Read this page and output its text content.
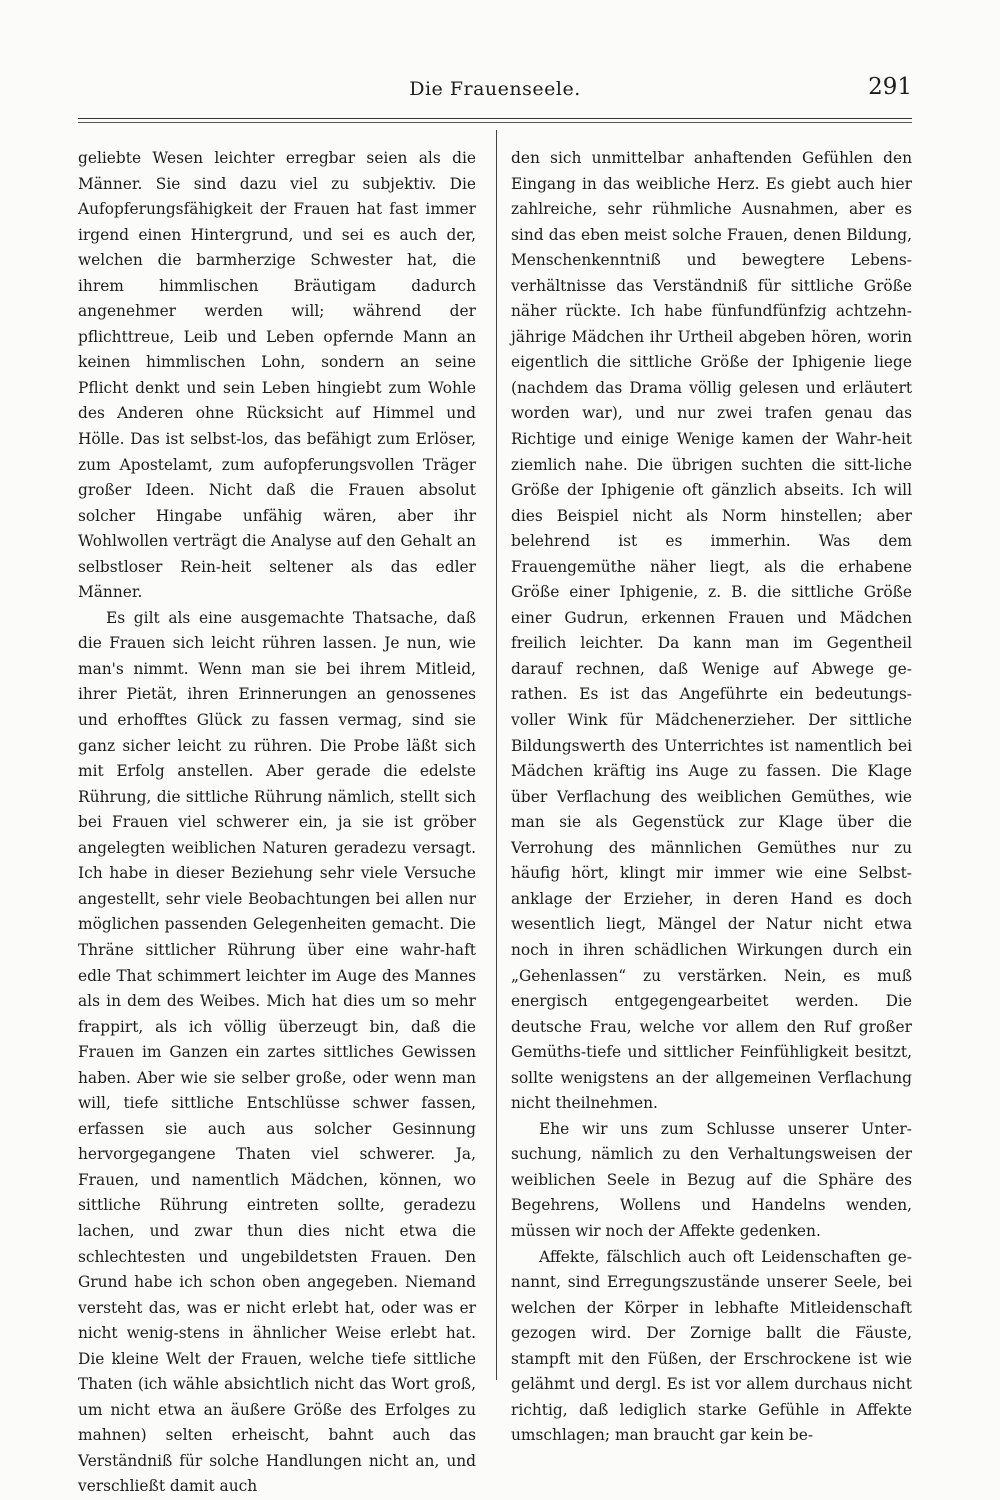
Die Frauenseele.	291

geliebte Wesen leichter erregbar seien als die Männer. Sie sind dazu viel zu subjektiv. Die Aufopferungsfähigkeit der Frauen hat fast immer irgend einen Hintergrund, und sei es auch der, welchen die barmherzige Schwester hat, die ihrem himmlischen Bräutigam dadurch angenehmer werden will; während der pflichttreue, Leib und Leben opfernde Mann an keinen himmlischen Lohn, sondern an seine Pflicht denkt und sein Leben hingiebt zum Wohle des Anderen ohne Rücksicht auf Himmel und Hölle. Das ist selbst-los, das befähigt zum Erlöser, zum Apostelamt, zum aufopferungsvollen Träger großer Ideen. Nicht daß die Frauen absolut solcher Hingabe unfähig wären, aber ihr Wohlwollen verträgt die Analyse auf den Gehalt an selbstloser Rein-heit seltener als das edler Männer.

Es gilt als eine ausgemachte Thatsache, daß die Frauen sich leicht rühren lassen. Je nun, wie man's nimmt. Wenn man sie bei ihrem Mitleid, ihrer Pietät, ihren Erinnerungen an genossenes und erhofftes Glück zu fassen vermag, sind sie ganz sicher leicht zu rühren. Die Probe läßt sich mit Erfolg anstellen. Aber gerade die edelste Rührung, die sittliche Rührung nämlich, stellt sich bei Frauen viel schwerer ein, ja sie ist gröber angelegten weiblichen Naturen geradezu versagt. Ich habe in dieser Beziehung sehr viele Versuche angestellt, sehr viele Beobachtungen bei allen nur möglichen passenden Gelegenheiten gemacht. Die Thräne sittlicher Rührung über eine wahr-haft edle That schimmert leichter im Auge des Mannes als in dem des Weibes. Mich hat dies um so mehr frappirt, als ich völlig überzeugt bin, daß die Frauen im Ganzen ein zartes sittliches Gewissen haben. Aber wie sie selber große, oder wenn man will, tiefe sittliche Entschlüsse schwer fassen, erfassen sie auch aus solcher Gesinnung hervorgegangene Thaten viel schwerer. Ja, Frauen, und namentlich Mädchen, können, wo sittliche Rührung eintreten sollte, geradezu lachen, und zwar thun dies nicht etwa die schlechtesten und ungebildetsten Frauen. Den Grund habe ich schon oben angegeben. Niemand versteht das, was er nicht erlebt hat, oder was er nicht wenig-stens in ähnlicher Weise erlebt hat. Die kleine Welt der Frauen, welche tiefe sittliche Thaten (ich wähle absichtlich nicht das Wort groß, um nicht etwa an äußere Größe des Erfolges zu mahnen) selten erheischt, bahnt auch das Verständniß für solche Handlungen nicht an, und verschließt damit auch

den sich unmittelbar anhaftenden Gefühlen den Eingang in das weibliche Herz. Es giebt auch hier zahlreiche, sehr rühmliche Ausnahmen, aber es sind das eben meist solche Frauen, denen Bildung, Menschenkenntniß und bewegtere Lebens-verhältnisse das Verständniß für sittliche Größe näher rückte. Ich habe fünfundfünfzig achtzehn-jährige Mädchen ihr Urtheil abgeben hören, worin eigentlich die sittliche Größe der Iphigenie liege (nachdem das Drama völlig gelesen und erläutert worden war), und nur zwei trafen genau das Richtige und einige Wenige kamen der Wahr-heit ziemlich nahe. Die übrigen suchten die sitt-liche Größe der Iphigenie oft gänzlich abseits. Ich will dies Beispiel nicht als Norm hinstellen; aber belehrend ist es immerhin. Was dem Frauengemüthe näher liegt, als die erhabene Größe einer Iphigenie, z. B. die sittliche Größe einer Gudrun, erkennen Frauen und Mädchen freilich leichter. Da kann man im Gegentheil darauf rechnen, daß Wenige auf Abwege ge-rathen. Es ist das Angeführte ein bedeutungs-voller Wink für Mädchenerzieher. Der sittliche Bildungswerth des Unterrichtes ist namentlich bei Mädchen kräftig ins Auge zu fassen. Die Klage über Verflachung des weiblichen Gemüthes, wie man sie als Gegenstück zur Klage über die Verrohung des männlichen Gemüthes nur zu häufig hört, klingt mir immer wie eine Selbst-anklage der Erzieher, in deren Hand es doch wesentlich liegt, Mängel der Natur nicht etwa noch in ihren schädlichen Wirkungen durch ein „Gehenlassen“ zu verstärken. Nein, es muß energisch entgegengearbeitet werden. Die deutsche Frau, welche vor allem den Ruf großer Gemüths-tiefe und sittlicher Feinfühligkeit besitzt, sollte wenigstens an der allgemeinen Verflachung nicht theilnehmen.

Ehe wir uns zum Schlusse unserer Unter-suchung, nämlich zu den Verhaltungsweisen der weiblichen Seele in Bezug auf die Sphäre des Begehrens, Wollens und Handelns wenden, müssen wir noch der Affekte gedenken.

Affekte, fälschlich auch oft Leidenschaften ge-nannt, sind Erregungszustände unserer Seele, bei welchen der Körper in lebhafte Mitleidenschaft gezogen wird. Der Zornige ballt die Fäuste, stampft mit den Füßen, der Erschrockene ist wie gelähmt und dergl. Es ist vor allem durchaus nicht richtig, daß lediglich starke Gefühle in Affekte umschlagen; man braucht gar kein be-
